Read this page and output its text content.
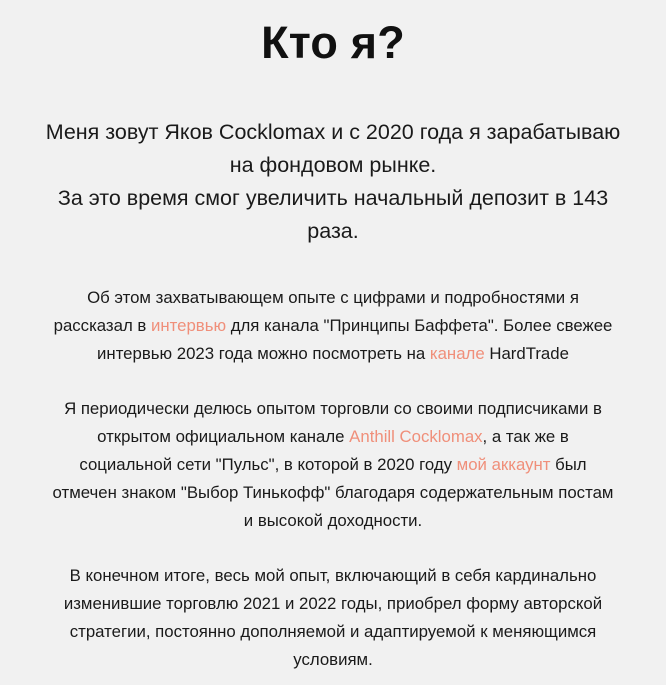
Кто я?
Меня зовут Яков Cocklomax и с 2020 года я зарабатываю
на фондовом рынке.
За это время смог увеличить начальный депозит в 143
раза.
Об этом захватывающем опыте с цифрами и подробностями я
рассказал в интервью для канала "Принципы Баффета". Более свежее
интервью 2023 года можно посмотреть на канале HardTrade
Я периодически делюсь опытом торговли со своими подписчиками в
открытом официальном канале Anthill Cocklomax, а так же в
социальной сети "Пульс", в которой в 2020 году мой аккаунт был
отмечен знаком "Выбор Тинькофф" благодаря содержательным постам
и высокой доходности.
В конечном итоге, весь мой опыт, включающий в себя кардинально
изменившие торговлю 2021 и 2022 годы, приобрел форму авторской
стратегии, постоянно дополняемой и адаптируемой к меняющимся
условиям.
